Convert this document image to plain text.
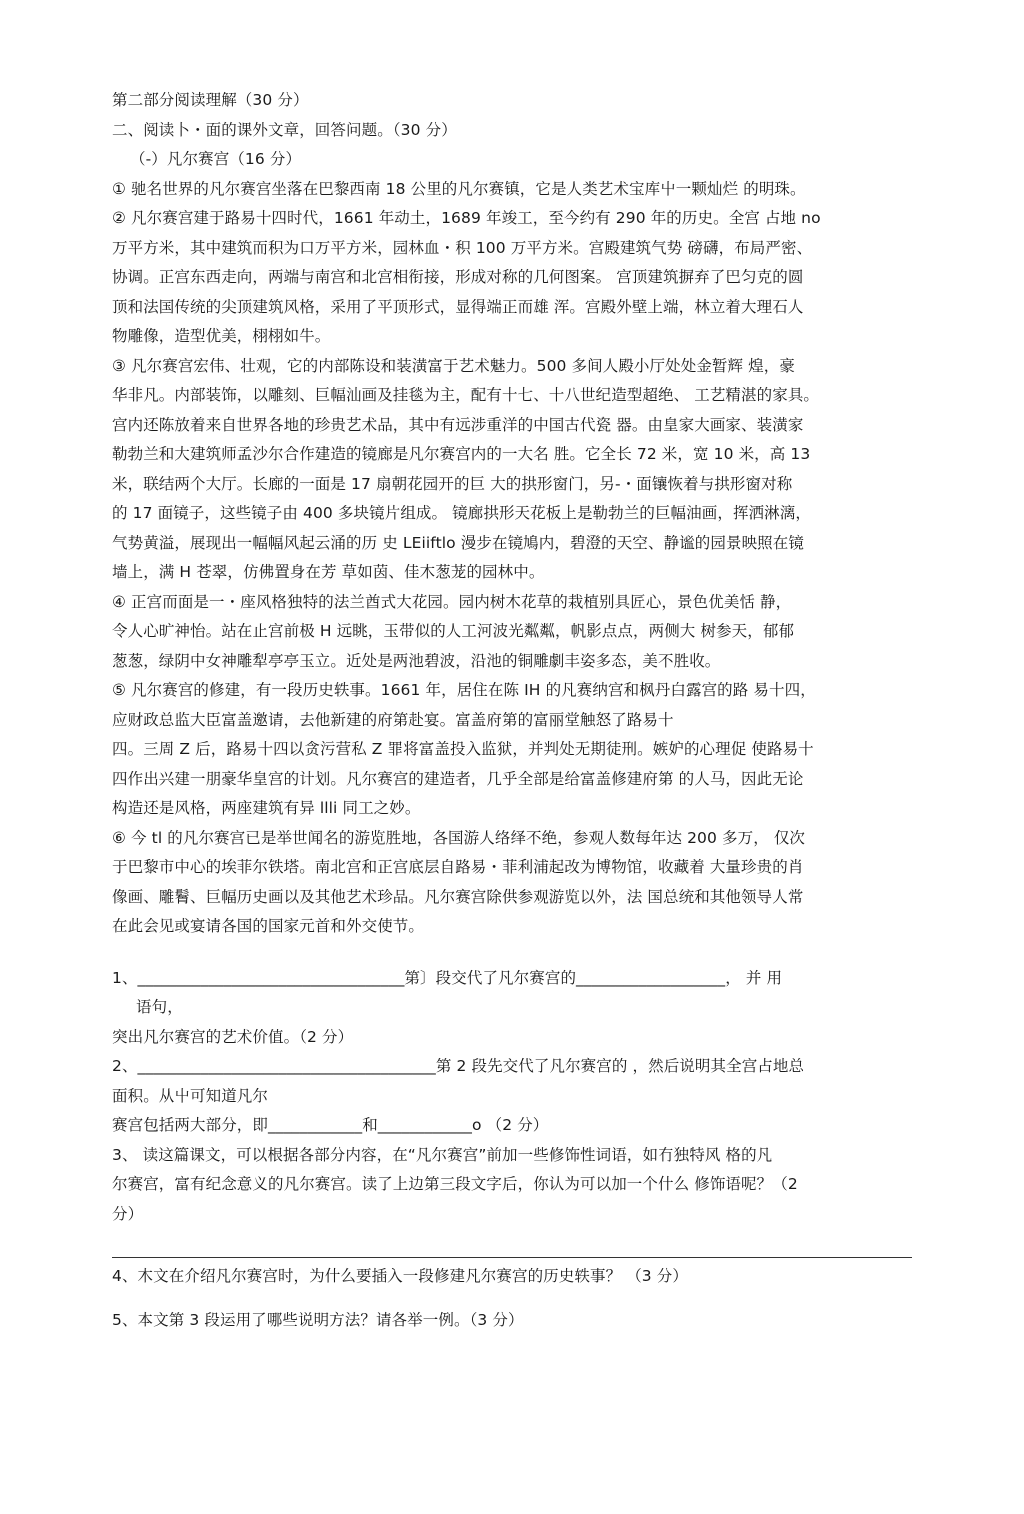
第二部分阅读理解（30 分）
二、阅读卜・面的课外文章，回答问题。（30 分）
（-）凡尔赛宫（16 分）
① 驰名世界的凡尔赛宫坐落在巴黎西南 18 公里的凡尔赛镇，它是人类艺术宝库屮一颗灿烂 的明珠。
② 凡尔赛宫建于路易十四时代，1661 年动土，1689 年竣工，至今约有 290 年的历史。全宫 占地 no
万平方米，其中建筑而积为口万平方米，园林血・积 100 万平方米。宫殿建筑气势 磅礴，布局严密、
协调。正宫东西走向，两端与南宫和北宫相衔接，形成对称的几何图案。 宫顶建筑摒弃了巴匀克的圆
顶和法国传统的尖顶建筑风格，采用了平顶形式，显得端正而雄 浑。宫殿外壁上端，林立着大理石人
物雕像，造型优美，栩栩如牛。
③ 凡尔赛宫宏伟、壮观，它的内部陈设和装潢富于艺术魅力。500 多间人殿小厅处处金暂辉 煌，豪
华非凡。内部装饰，以雕刻、巨幅汕画及挂毯为主，配有十七、十八世纪造型超绝、 工艺精湛的家具。
宫内还陈放着来自世界各地的珍贵艺术品，其中有远涉重洋的中国古代瓷 器。由皇家大画家、装潢家
勒勃兰和大建筑师孟沙尔合作建造的镜廊是凡尔赛宫内的一大名 胜。它全长 72 米，宽 10 米，高 13
米，联结两个大厅。长廊的一面是 17 扇朝花园开的巨 大的拱形窗门，另-・面镶恢着与拱形窗对称
的 17 面镜子，这些镜子由 400 多块镜片组成。 镜廊拱形天花板上是勒勃兰的巨幅油画，挥洒淋漓，
气势黄溢，展现出一幅幅风起云涌的历 史 LEiiftlo 漫步在镜鳩内，碧澄的天空、静谧的园景映照在镜
墙上，满 H 苍翠，仿佛置身在芳 草如茵、佳木葱茏的园林中。
④ 正宫而面是一・座风格独特的法兰酋式大花园。园内树木花草的栽植别具匠心，景色优美恬 静，
令人心旷神怡。站在止宫前极 H 远眺，玉带似的人工河波光粼粼，帆影点点，两侧大 树参天，郁郁
葱葱，绿阴中女神雕犁亭亭玉立。近处是两池碧波，沿池的铜雕劇丰姿多态，美不胜收。
⑤ 凡尔赛宫的修建，有一段历史轶事。1661 年，居住在陈 IH 的凡赛纳宫和枫丹白露宫的路 易十四，
应财政总监大臣富盖邀请，去他新建的府第赴宴。富盖府第的富丽堂触怒了路易十
四。三周 Z 后，路易十四以贪污营私 Z 罪将富盖投入监狱，并判处无期徒刑。嫉妒的心理促 使路易十
四作出兴建一朋豪华皇宫的计划。凡尔赛宫的建造者，几乎全部是给富盖修建府第 的人马，因此无论
构造还是风格，两座建筑有异 llli 同工之妙。
⑥ 今 tl 的凡尔赛宫已是举世闻名的游览胜地，各国游人络绎不绝，参观人数每年达 200 多万， 仅次
于巴黎市中心的埃菲尔铁塔。南北宫和正宫底层自路易・菲利浦起改为博物馆，收藏着 大量珍贵的肖
像画、雕鬌、巨幅历史画以及其他艺术珍品。凡尔赛宫除供参观游览以外，法 国总统和其他领导人常
在此会见或宴请各国的国家元首和外交使节。
1、__________________________________第〕段交代了凡尔赛宫的___________________， 并 用
语句，
突出凡尔赛宫的艺术价值。（2 分）
2、______________________________________第 2 段先交代了凡尔赛宫的 ，然后说明其全宫占地总
面积。从屮可知道凡尔
赛宫包括两大部分，即____________和____________o （2 分）
3、 读这篇课文，可以根据各部分内容，在“凡尔赛宫”前加一些修饰性词语，如冇独特风 格的凡
尔赛宫，富有纪念意义的凡尔赛宫。读了上边第三段文字后，你认为可以加一个什么 修饰语呢？（2
分）
4、木文在介绍凡尔赛宫时，为什么要插入一段修建凡尔赛宫的历史轶事？ （3 分）
5、本文第 3 段运用了哪些说明方法？请各举一例。（3 分）
